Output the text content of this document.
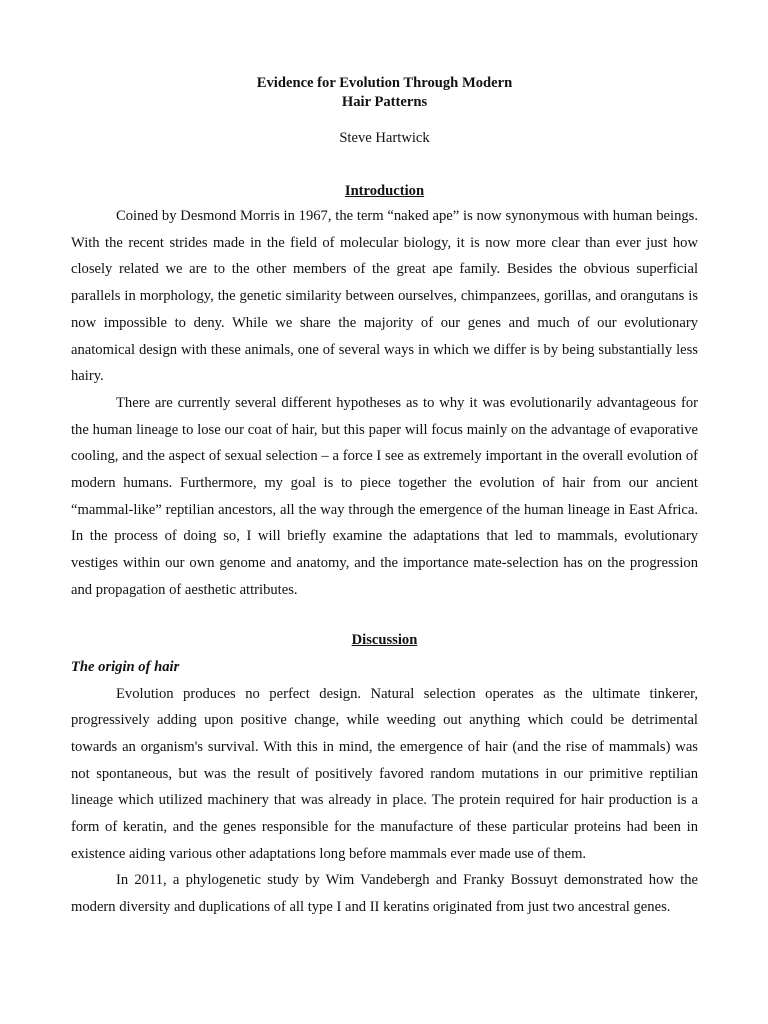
Evidence for Evolution Through Modern
Hair Patterns
Steve Hartwick
Introduction

Coined by Desmond Morris in 1967, the term “naked ape” is now synonymous with human beings. With the recent strides made in the field of molecular biology, it is now more clear than ever just how closely related we are to the other members of the great ape family. Besides the obvious superficial parallels in morphology, the genetic similarity between ourselves, chimpanzees, gorillas, and orangutans is now impossible to deny. While we share the majority of our genes and much of our evolutionary anatomical design with these animals, one of several ways in which we differ is by being substantially less hairy.

There are currently several different hypotheses as to why it was evolutionarily advantageous for the human lineage to lose our coat of hair, but this paper will focus mainly on the advantage of evaporative cooling, and the aspect of sexual selection – a force I see as extremely important in the overall evolution of modern humans. Furthermore, my goal is to piece together the evolution of hair from our ancient “mammal-like” reptilian ancestors, all the way through the emergence of the human lineage in East Africa. In the process of doing so, I will briefly examine the adaptations that led to mammals, evolutionary vestiges within our own genome and anatomy, and the importance mate-selection has on the progression and propagation of aesthetic attributes.

Discussion
The origin of hair

Evolution produces no perfect design. Natural selection operates as the ultimate tinkerer, progressively adding upon positive change, while weeding out anything which could be detrimental towards an organism's survival. With this in mind, the emergence of hair (and the rise of mammals) was not spontaneous, but was the result of positively favored random mutations in our primitive reptilian lineage which utilized machinery that was already in place. The protein required for hair production is a form of keratin, and the genes responsible for the manufacture of these particular proteins had been in existence aiding various other adaptations long before mammals ever made use of them.

In 2011, a phylogenetic study by Wim Vandebergh and Franky Bossuyt demonstrated how the modern diversity and duplications of all type I and II keratins originated from just two ancestral genes.
